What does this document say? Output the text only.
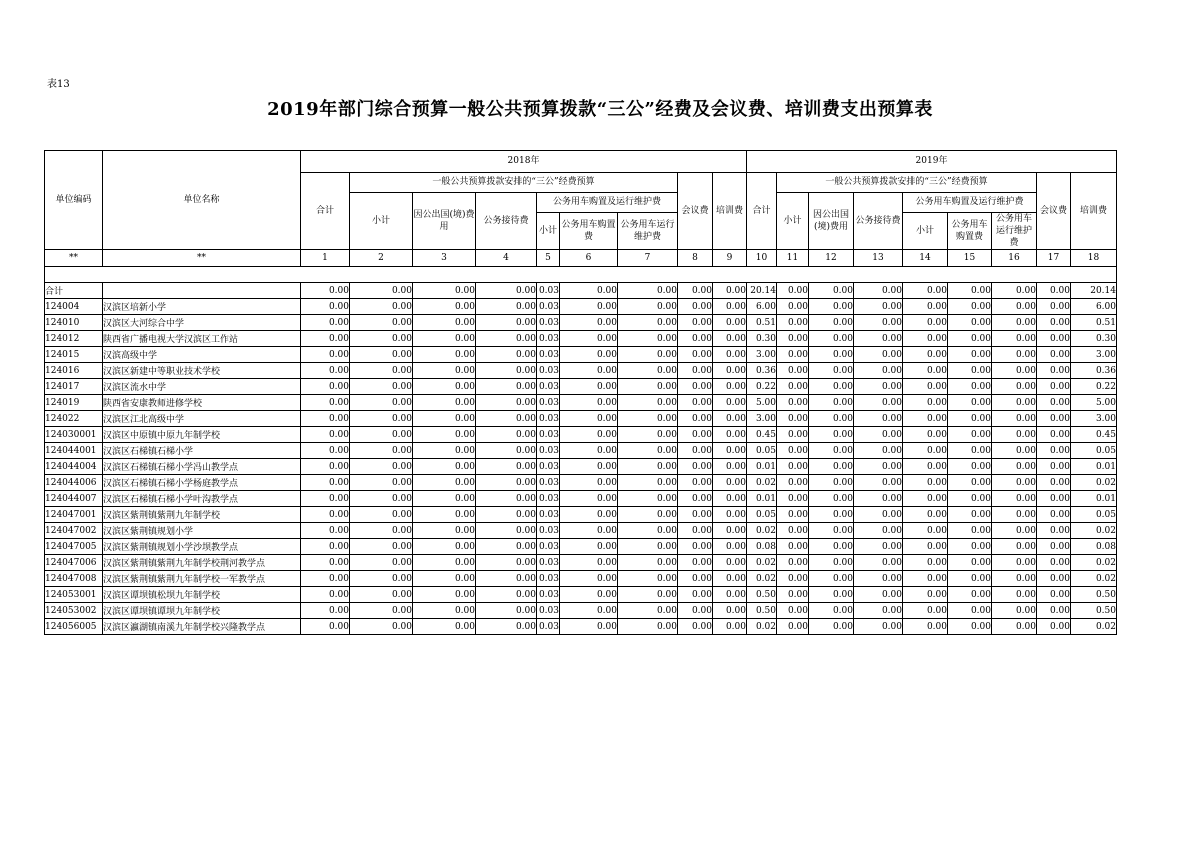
表13
2019年部门综合预算一般公共预算拨款“三公”经费及会议费、培训费支出预算表
单位编码	单位名称	2018年									2019年								
		合计	一般公共预算拨款安排的“三公”经费预算						会议费	培训费	合计	一般公共预算拨款安排的“三公”经费预算						会议费	培训费
			小计	因公出国(境)费用	公务接待费	公务用车购置及运行维护费						小计	因公出国(境)费用	公务接待费	公务用车购置及运行维护费				
						小计	公务用车购置费	公务用车运行维护费							小计	公务用车购置费	公务用车运行维护费		
**	**	1	2	3	4	5	6	7	8	9	10	11	12	13	14	15	16	17	18

合计		0.00	0.00	0.00	0.00	0.03	0.00	0.00	0.00	0.00	20.14	0.00	0.00	0.00	0.00	0.00	0.00	0.00	20.14
124004	汉滨区培新小学	0.00	0.00	0.00	0.00	0.03	0.00	0.00	0.00	0.00	6.00	0.00	0.00	0.00	0.00	0.00	0.00	0.00	6.00
124010	汉滨区大河综合中学	0.00	0.00	0.00	0.00	0.03	0.00	0.00	0.00	0.00	0.51	0.00	0.00	0.00	0.00	0.00	0.00	0.00	0.51
124012	陕西省广播电视大学汉滨区工作站	0.00	0.00	0.00	0.00	0.03	0.00	0.00	0.00	0.00	0.30	0.00	0.00	0.00	0.00	0.00	0.00	0.00	0.30
124015	汉滨高级中学	0.00	0.00	0.00	0.00	0.03	0.00	0.00	0.00	0.00	3.00	0.00	0.00	0.00	0.00	0.00	0.00	0.00	3.00
124016	汉滨区新建中等职业技术学校	0.00	0.00	0.00	0.00	0.03	0.00	0.00	0.00	0.00	0.36	0.00	0.00	0.00	0.00	0.00	0.00	0.00	0.36
124017	汉滨区流水中学	0.00	0.00	0.00	0.00	0.03	0.00	0.00	0.00	0.00	0.22	0.00	0.00	0.00	0.00	0.00	0.00	0.00	0.22
124019	陕西省安康教师进修学校	0.00	0.00	0.00	0.00	0.03	0.00	0.00	0.00	0.00	5.00	0.00	0.00	0.00	0.00	0.00	0.00	0.00	5.00
124022	汉滨区江北高级中学	0.00	0.00	0.00	0.00	0.03	0.00	0.00	0.00	0.00	3.00	0.00	0.00	0.00	0.00	0.00	0.00	0.00	3.00
124030001	汉滨区中原镇中原九年制学校	0.00	0.00	0.00	0.00	0.03	0.00	0.00	0.00	0.00	0.45	0.00	0.00	0.00	0.00	0.00	0.00	0.00	0.45
124044001	汉滨区石梯镇石梯小学	0.00	0.00	0.00	0.00	0.03	0.00	0.00	0.00	0.00	0.05	0.00	0.00	0.00	0.00	0.00	0.00	0.00	0.05
124044004	汉滨区石梯镇石梯小学冯山教学点	0.00	0.00	0.00	0.00	0.03	0.00	0.00	0.00	0.00	0.01	0.00	0.00	0.00	0.00	0.00	0.00	0.00	0.01
124044006	汉滨区石梯镇石梯小学杨庭教学点	0.00	0.00	0.00	0.00	0.03	0.00	0.00	0.00	0.00	0.02	0.00	0.00	0.00	0.00	0.00	0.00	0.00	0.02
124044007	汉滨区石梯镇石梯小学叶沟教学点	0.00	0.00	0.00	0.00	0.03	0.00	0.00	0.00	0.00	0.01	0.00	0.00	0.00	0.00	0.00	0.00	0.00	0.01
124047001	汉滨区紫荆镇紫荆九年制学校	0.00	0.00	0.00	0.00	0.03	0.00	0.00	0.00	0.00	0.05	0.00	0.00	0.00	0.00	0.00	0.00	0.00	0.05
124047002	汉滨区紫荆镇规划小学	0.00	0.00	0.00	0.00	0.03	0.00	0.00	0.00	0.00	0.02	0.00	0.00	0.00	0.00	0.00	0.00	0.00	0.02
124047005	汉滨区紫荆镇规划小学沙坝教学点	0.00	0.00	0.00	0.00	0.03	0.00	0.00	0.00	0.00	0.08	0.00	0.00	0.00	0.00	0.00	0.00	0.00	0.08
124047006	汉滨区紫荆镇紫荆九年制学校荆河教学点	0.00	0.00	0.00	0.00	0.03	0.00	0.00	0.00	0.00	0.02	0.00	0.00	0.00	0.00	0.00	0.00	0.00	0.02
124047008	汉滨区紫荆镇紫荆九年制学校一军教学点	0.00	0.00	0.00	0.00	0.03	0.00	0.00	0.00	0.00	0.02	0.00	0.00	0.00	0.00	0.00	0.00	0.00	0.02
124053001	汉滨区谭坝镇松坝九年制学校	0.00	0.00	0.00	0.00	0.03	0.00	0.00	0.00	0.00	0.50	0.00	0.00	0.00	0.00	0.00	0.00	0.00	0.50
124053002	汉滨区谭坝镇谭坝九年制学校	0.00	0.00	0.00	0.00	0.03	0.00	0.00	0.00	0.00	0.50	0.00	0.00	0.00	0.00	0.00	0.00	0.00	0.50
124056005	汉滨区瀛湖镇南溪九年制学校兴隆教学点	0.00	0.00	0.00	0.00	0.03	0.00	0.00	0.00	0.00	0.02	0.00	0.00	0.00	0.00	0.00	0.00	0.00	0.02
